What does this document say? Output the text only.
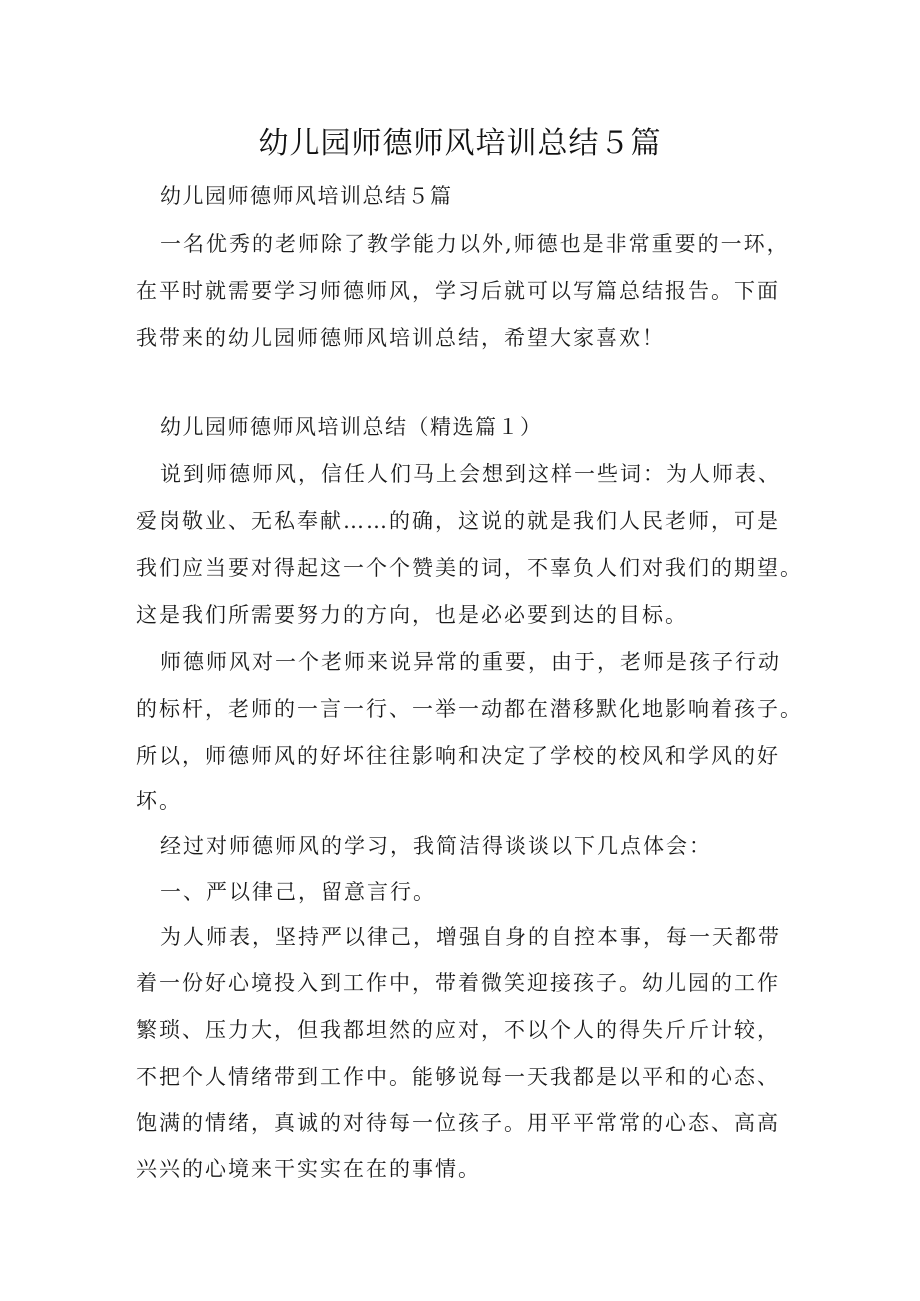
幼儿园师德师风培训总结５篇
幼儿园师德师风培训总结５篇
一名优秀的老师除了教学能力以外,师德也是非常重要的一环，
在平时就需要学习师德师风，学习后就可以写篇总结报告。下面
我带来的幼儿园师德师风培训总结，希望大家喜欢！
幼儿园师德师风培训总结（精选篇１）
说到师德师风，信任人们马上会想到这样一些词：为人师表、
爱岗敬业、无私奉献……的确，这说的就是我们人民老师，可是
我们应当要对得起这一个个赞美的词，不辜负人们对我们的期望。
这是我们所需要努力的方向，也是必必要到达的目标。
师德师风对一个老师来说异常的重要，由于，老师是孩子行动
的标杆，老师的一言一行、一举一动都在潜移默化地影响着孩子。
所以，师德师风的好坏往往影响和决定了学校的校风和学风的好
坏。
经过对师德师风的学习，我简洁得谈谈以下几点体会：
一、严以律己，留意言行。
为人师表，坚持严以律己，增强自身的自控本事，每一天都带
着一份好心境投入到工作中，带着微笑迎接孩子。幼儿园的工作
繁琐、压力大，但我都坦然的应对，不以个人的得失斤斤计较，
不把个人情绪带到工作中。能够说每一天我都是以平和的心态、
饱满的情绪，真诚的对待每一位孩子。用平平常常的心态、高高
兴兴的心境来干实实在在的事情。
